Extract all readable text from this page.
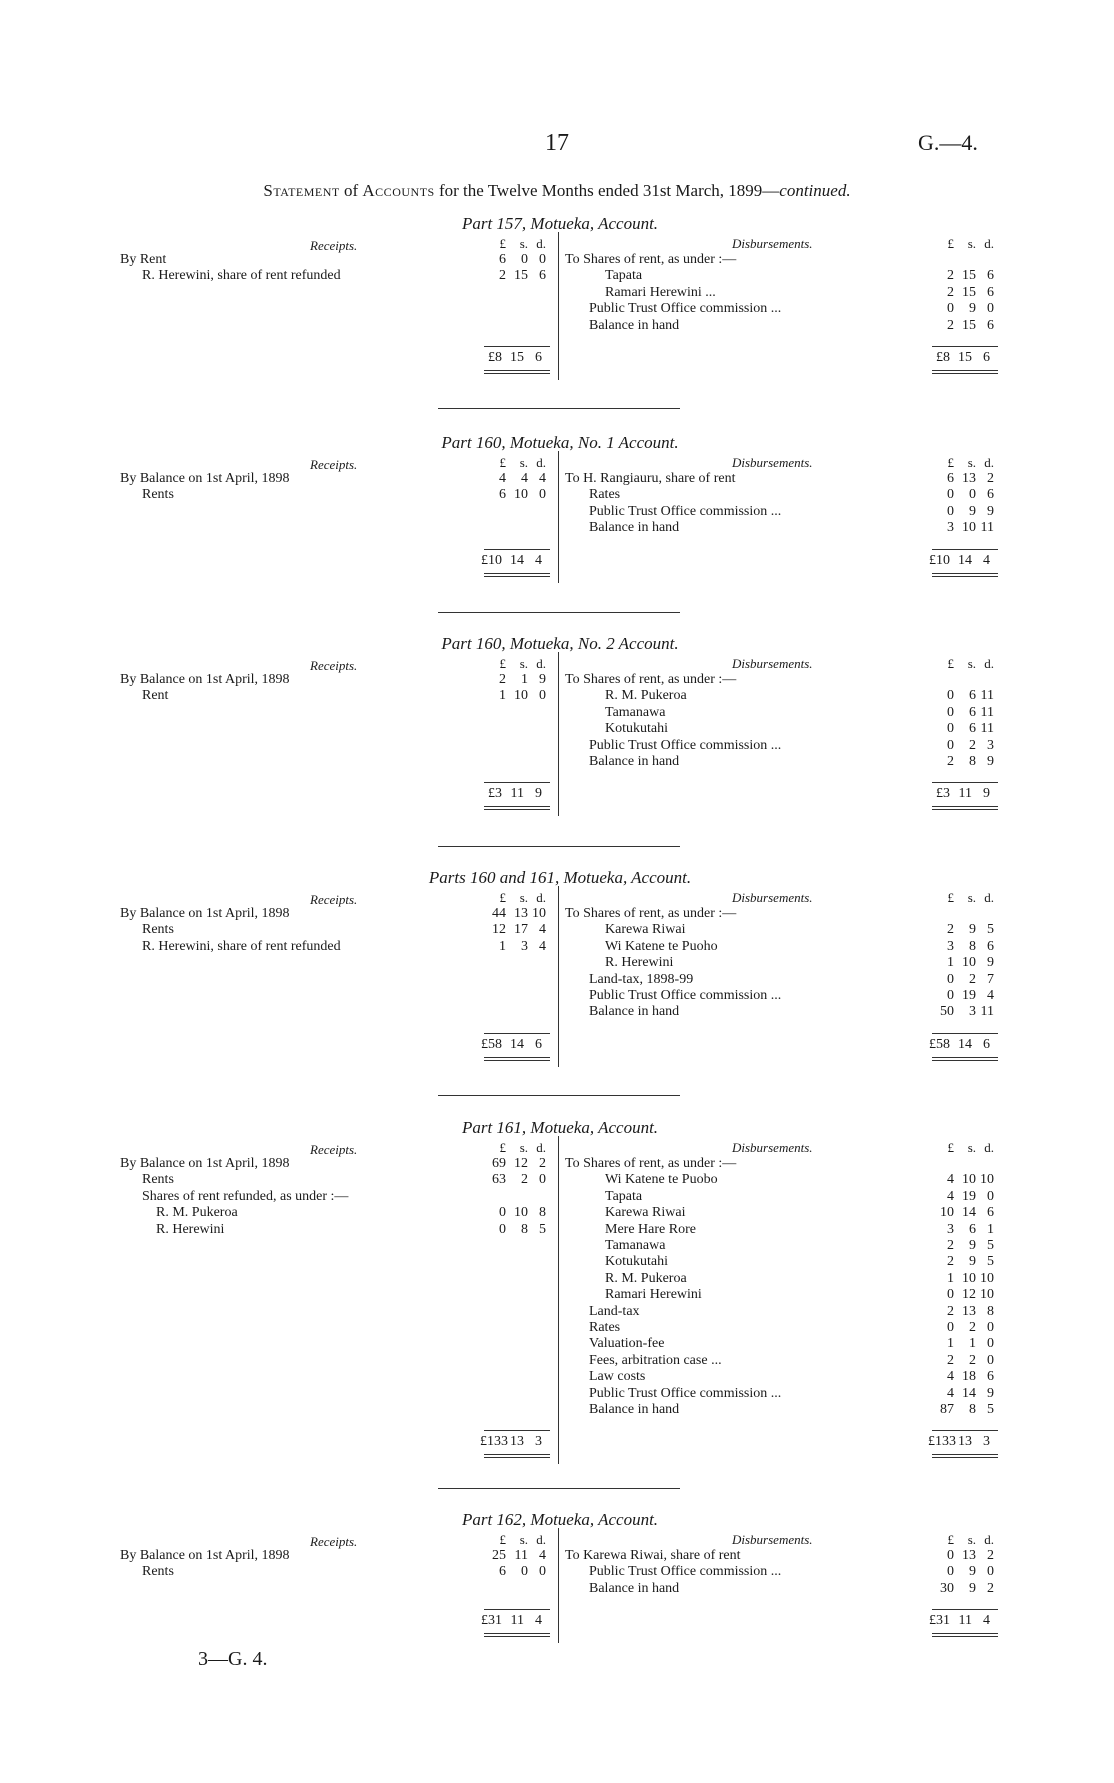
17	G.—4.
Statement of Accounts for the Twelve Months ended 31st March, 1899—continued.
Part 157, Motueka, Account.
Receipts.	Disbursements.
£ s. d.	£ s. d.
By Rent	6 0 0
R. Herewini, share of rent refunded	2 15 6
To Shares of rent, as under :—
Tapata	2 15 6
Ramari Herewini ...	2 15 6
Public Trust Office commission ...	0 9 0
Balance in hand	2 15 6
£8 15 6	£8 15 6
Part 160, Motueka, No. 1 Account.
Receipts.	Disbursements.
£ s. d.	£ s. d.
By Balance on 1st April, 1898	4 4 4
Rents	6 10 0
To H. Rangiauru, share of rent	6 13 2
Rates	0 0 6
Public Trust Office commission ...	0 9 9
Balance in hand	3 10 11
£10 14 4	£10 14 4
Part 160, Motueka, No. 2 Account.
Receipts.	Disbursements.
£ s. d.	£ s. d.
By Balance on 1st April, 1898	2 1 9
Rent	1 10 0
To Shares of rent, as under :—
R. M. Pukeroa	0 6 11
Tamanawa	0 6 11
Kotukutahi	0 6 11
Public Trust Office commission ...	0 2 3
Balance in hand	2 8 9
£3 11 9	£3 11 9
Parts 160 and 161, Motueka, Account.
Receipts.	Disbursements.
£ s. d.	£ s. d.
By Balance on 1st April, 1898	44 13 10
Rents	12 17 4
R. Herewini, share of rent refunded	1 3 4
To Shares of rent, as under :—
Karewa Riwai	2 9 5
Wi Katene te Puoho	3 8 6
R. Herewini	1 10 9
Land-tax, 1898-99	0 2 7
Public Trust Office commission ...	0 19 4
Balance in hand	50 3 11
£58 14 6	£58 14 6
Part 161, Motueka, Account.
Receipts.	Disbursements.
£ s. d.	£ s. d.
By Balance on 1st April, 1898	69 12 2
Rents	63 2 0
Shares of rent refunded, as under :—
R. M. Pukeroa	0 10 8
R. Herewini	0 8 5
To Shares of rent, as under :—
Wi Katene te Puobo	4 10 10
Tapata	4 19 0
Karewa Riwai	10 14 6
Mere Hare Rore	3 6 1
Tamanawa	2 9 5
Kotukutahi	2 9 5
R. M. Pukeroa	1 10 10
Ramari Herewini	0 12 10
Land-tax	2 13 8
Rates	0 2 0
Valuation-fee	1 1 0
Fees, arbitration case ...	2 2 0
Law costs	4 18 6
Public Trust Office commission ...	4 14 9
Balance in hand	87 8 5
£133 13 3	£133 13 3
Part 162, Motueka, Account.
Receipts.	Disbursements.
£ s. d.	£ s. d.
By Balance on 1st April, 1898	25 11 4
Rents	6 0 0
To Karewa Riwai, share of rent	0 13 2
Public Trust Office commission ...	0 9 0
Balance in hand	30 9 2
£31 11 4	£31 11 4
3—G. 4.
